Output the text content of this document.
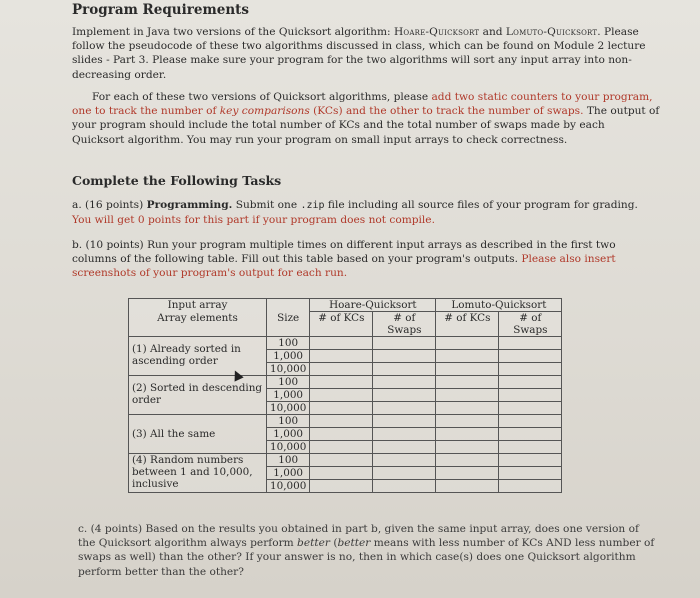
Program Requirements

Implement in Java two versions of the Quicksort algorithm: Hoare-Quicksort and Lomuto-Quicksort. Please follow the pseudocode of these two algorithms discussed in class, which can be found on Module 2 lecture slides - Part 3. Please make sure your program for the two algorithms will sort any input array into non-decreasing order.

For each of these two versions of Quicksort algorithms, please add two static counters to your program, one to track the number of key comparisons (KCs) and the other to track the number of swaps. The output of your program should include the total number of KCs and the total number of swaps made by each Quicksort algorithm. You may run your program on small input arrays to check correctness.

Complete the Following Tasks

a. (16 points) Programming. Submit one .zip file including all source files of your program for grading.
You will get 0 points for this part if your program does not compile.

b. (10 points) Run your program multiple times on different input arrays as described in the first two columns of the following table. Fill out this table based on your program's outputs. Please also insert screenshots of your program's output for each run.

c. (4 points) Based on the results you obtained in part b, given the same input array, does one version of the Quicksort algorithm always perform better (better means with less number of KCs AND less number of swaps as well) than the other? If your answer is no, then in which case(s) does one Quicksort algorithm perform better than the other?

Input array		Hoare-Quicksort		Lomuto-Quicksort	
Array elements	Size	# of KCs	# of Swaps	# of KCs	# of Swaps
(1) Already sorted in ascending order	100				
	1,000				
	10,000				
(2) Sorted in descending order	100				
	1,000				
	10,000				
(3) All the same	100				
	1,000				
	10,000				
(4) Random numbers between 1 and 10,000, inclusive	100				
	1,000				
	10,000				
